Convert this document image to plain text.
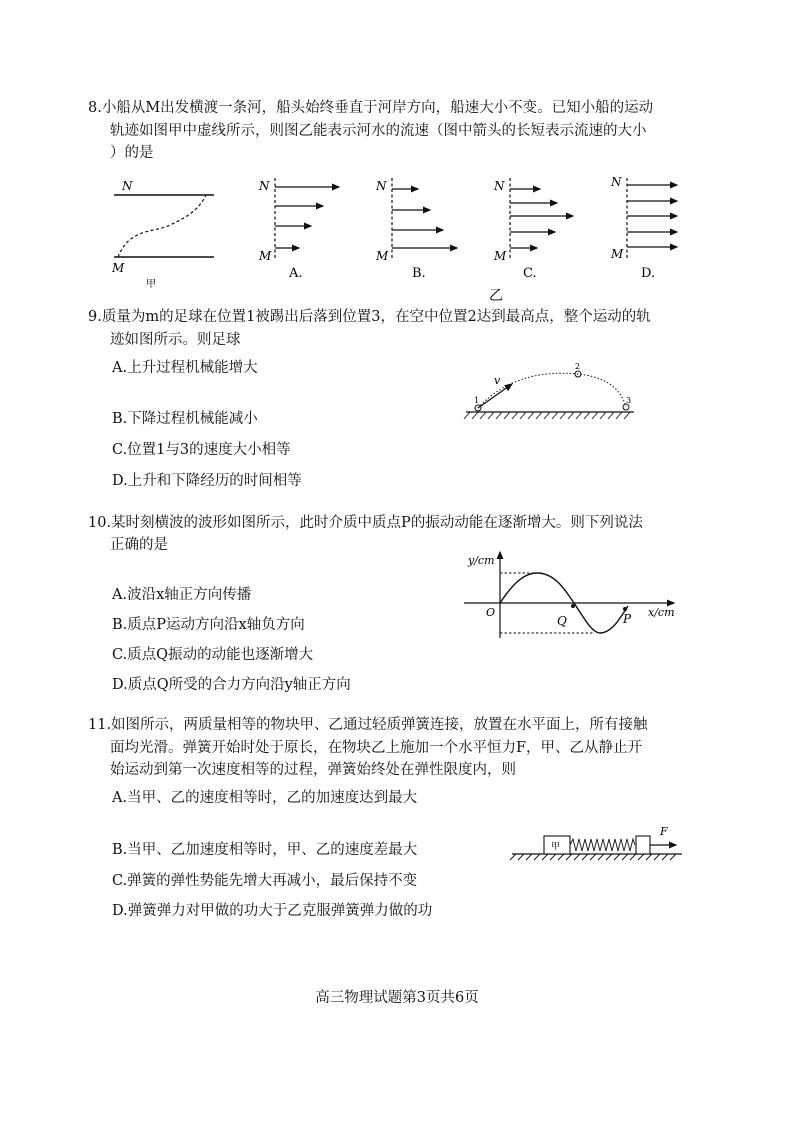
8.小船从M出发横渡一条河，船头始终垂直于河岸方向，船速大小不变。已知小船的运动
轨迹如图甲中虚线所示，则图乙能表示河水的流速（图中箭头的长短表示流速的大小
）的是
N
M
甲
N
M
A.
N
M
B.
N
M
C.
N
M
D.
乙
9.质量为m的足球在位置1被踢出后落到位置3，在空中位置2达到最高点，整个运动的轨
迹如图所示。则足球
A.上升过程机械能增大
B.下降过程机械能减小
C.位置1与3的速度大小相等
D.上升和下降经历的时间相等
v
1
2
3
10.某时刻横波的波形如图所示，此时介质中质点P的振动动能在逐渐增大。则下列说法
正确的是
A.波沿x轴正方向传播
B.质点P运动方向沿x轴负方向
C.质点Q振动的动能也逐渐增大
D.质点Q所受的合力方向沿y轴正方向
y/cm
x/cm
O
Q	P
11.如图所示，两质量相等的物块甲、乙通过轻质弹簧连接，放置在水平面上，所有接触
面均光滑。弹簧开始时处于原长，在物块乙上施加一个水平恒力F，甲、乙从静止开
始运动到第一次速度相等的过程，弹簧始终处在弹性限度内，则
A.当甲、乙的速度相等时，乙的加速度达到最大
B.当甲、乙加速度相等时，甲、乙的速度差最大
C.弹簧的弹性势能先增大再减小，最后保持不变
D.弹簧弹力对甲做的功大于乙克服弹簧弹力做的功
甲
F
高三物理试题第3页共6页
